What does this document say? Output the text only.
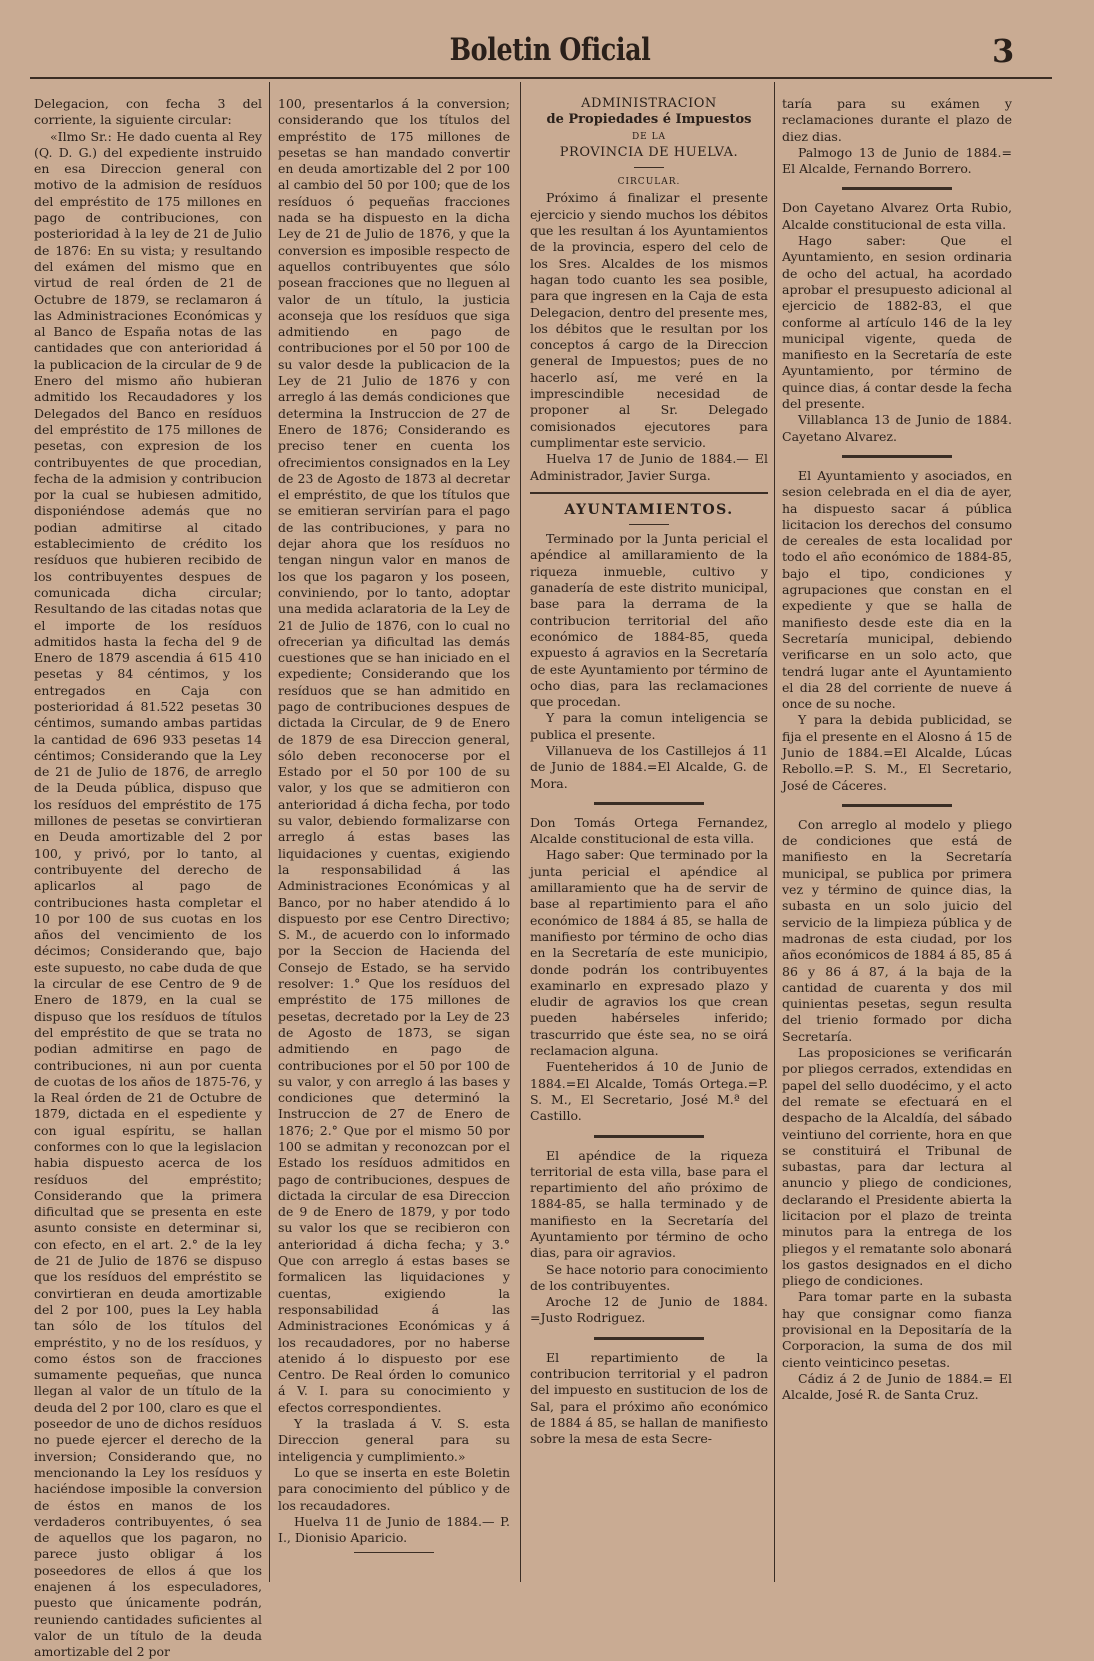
Boletin Oficial	3

Delegacion, con fecha 3 del corriente, la siguiente circular:

«Ilmo Sr.: He dado cuenta al Rey (Q. D. G.) del expediente instruido en esa Direccion general con motivo de la admision de resíduos del empréstito de 175 millones en pago de contribuciones, con posterioridad à la ley de 21 de Julio de 1876: En su vista; y resultando del exámen del mismo que en virtud de real órden de 21 de Octubre de 1879, se reclamaron á las Administraciones Económicas y al Banco de España notas de las cantidades que con anterioridad á la publicacion de la circular de 9 de Enero del mismo año hubieran admitido los Recaudadores y los Delegados del Banco en resíduos del empréstito de 175 millones de pesetas, con expresion de los contribuyentes de que procedian, fecha de la admision y contribucion por la cual se hubiesen admitido, disponiéndose además que no podian admitirse al citado establecimiento de crédito los resíduos que hubieren recibido de los contribuyentes despues de comunicada dicha circular; Resultando de las citadas notas que el importe de los resíduos admitidos hasta la fecha del 9 de Enero de 1879 ascendia á 615 410 pesetas y 84 céntimos, y los entregados en Caja con posterioridad á 81.522 pesetas 30 céntimos, sumando ambas partidas la cantidad de 696 933 pesetas 14 céntimos; Considerando que la Ley de 21 de Julio de 1876, de arreglo de la Deuda pública, dispuso que los resíduos del empréstito de 175 millones de pesetas se convirtieran en Deuda amortizable del 2 por 100, y privó, por lo tanto, al contribuyente del derecho de aplicarlos al pago de contribuciones hasta completar el 10 por 100 de sus cuotas en los años del vencimiento de los décimos; Considerando que, bajo este supuesto, no cabe duda de que la circular de ese Centro de 9 de Enero de 1879, en la cual se dispuso que los resíduos de títulos del empréstito de que se trata no podian admitirse en pago de contribuciones, ni aun por cuenta de cuotas de los años de 1875-76, y la Real órden de 21 de Octubre de 1879, dictada en el espediente y con igual espíritu, se hallan conformes con lo que la legislacion habia dispuesto acerca de los resíduos del empréstito; Considerando que la primera dificultad que se presenta en este asunto consiste en determinar si, con efecto, en el art. 2.° de la ley de 21 de Julio de 1876 se dispuso que los resíduos del empréstito se convirtieran en deuda amortizable del 2 por 100, pues la Ley habla tan sólo de los títulos del empréstito, y no de los resíduos, y como éstos son de fracciones sumamente pequeñas, que nunca llegan al valor de un título de la deuda del 2 por 100, claro es que el poseedor de uno de dichos resíduos no puede ejercer el derecho de la inversion; Considerando que, no mencionando la Ley los resíduos y haciéndose imposible la conversion de éstos en manos de los verdaderos contribuyentes, ó sea de aquellos que los pagaron, no parece justo obligar á los poseedores de ellos á que los enajenen á los especuladores, puesto que únicamente podrán, reuniendo cantidades suficientes al valor de un título de la deuda amortizable del 2 por

100, presentarlos á la conversion; considerando que los títulos del empréstito de 175 millones de pesetas se han mandado convertir en deuda amortizable del 2 por 100 al cambio del 50 por 100; que de los resíduos ó pequeñas fracciones nada se ha dispuesto en la dicha Ley de 21 de Julio de 1876, y que la conversion es imposible respecto de aquellos contribuyentes que sólo posean fracciones que no lleguen al valor de un título, la justicia aconseja que los resíduos que siga admitiendo en pago de contribuciones por el 50 por 100 de su valor desde la publicacion de la Ley de 21 Julio de 1876 y con arreglo á las demás condiciones que determina la Instruccion de 27 de Enero de 1876; Considerando es preciso tener en cuenta los ofrecimientos consignados en la Ley de 23 de Agosto de 1873 al decretar el empréstito, de que los títulos que se emitieran servirían para el pago de las contribuciones, y para no dejar ahora que los resíduos no tengan ningun valor en manos de los que los pagaron y los poseen, conviniendo, por lo tanto, adoptar una medida aclaratoria de la Ley de 21 de Julio de 1876, con lo cual no ofrecerian ya dificultad las demás cuestiones que se han iniciado en el expediente; Considerando que los resíduos que se han admitido en pago de contribuciones despues de dictada la Circular, de 9 de Enero de 1879 de esa Direccion general, sólo deben reconocerse por el Estado por el 50 por 100 de su valor, y los que se admitieron con anterioridad á dicha fecha, por todo su valor, debiendo formalizarse con arreglo á estas bases las liquidaciones y cuentas, exigiendo la responsabilidad á las Administraciones Económicas y al Banco, por no haber atendido á lo dispuesto por ese Centro Directivo; S. M., de acuerdo con lo informado por la Seccion de Hacienda del Consejo de Estado, se ha servido resolver: 1.° Que los resíduos del empréstito de 175 millones de pesetas, decretado por la Ley de 23 de Agosto de 1873, se sigan admitiendo en pago de contribuciones por el 50 por 100 de su valor, y con arreglo á las bases y condiciones que determinó la Instruccion de 27 de Enero de 1876; 2.° Que por el mismo 50 por 100 se admitan y reconozcan por el Estado los resíduos admitidos en pago de contribuciones, despues de dictada la circular de esa Direccion de 9 de Enero de 1879, y por todo su valor los que se recibieron con anterioridad á dicha fecha; y 3.° Que con arreglo á estas bases se formalicen las liquidaciones y cuentas, exigiendo la responsabilidad á las Administraciones Económicas y á los recaudadores, por no haberse atenido á lo dispuesto por ese Centro. De Real órden lo comunico á V. I. para su conocimiento y efectos correspondientes.

Y la traslada á V. S. esta Direccion general para su inteligencia y cumplimiento.»

Lo que se inserta en este Boletin para conocimiento del público y de los recaudadores.

Huelva 11 de Junio de 1884.— P. I., Dionisio Aparicio.

ADMINISTRACION

de Propiedades é Impuestos

DE LA

PROVINCIA DE HUELVA.

CIRCULAR.

Próximo á finalizar el presente ejercicio y siendo muchos los débitos que les resultan á los Ayuntamientos de la provincia, espero del celo de los Sres. Alcaldes de los mismos hagan todo cuanto les sea posible, para que ingresen en la Caja de esta Delegacion, dentro del presente mes, los débitos que le resultan por los conceptos á cargo de la Direccion general de Impuestos; pues de no hacerlo así, me veré en la imprescindible necesidad de proponer al Sr. Delegado comisionados ejecutores para cumplimentar este servicio.

Huelva 17 de Junio de 1884.— El Administrador, Javier Surga.

AYUNTAMIENTOS.

Terminado por la Junta pericial el apéndice al amillaramiento de la riqueza inmueble, cultivo y ganadería de este distrito municipal, base para la derrama de la contribucion territorial del año económico de 1884-85, queda expuesto á agravios en la Secretaría de este Ayuntamiento por término de ocho dias, para las reclamaciones que procedan.

Y para la comun inteligencia se publica el presente.

Villanueva de los Castillejos á 11 de Junio de 1884.=El Alcalde, G. de Mora.

Don Tomás Ortega Fernandez, Alcalde constitucional de esta villa.

Hago saber: Que terminado por la junta pericial el apéndice al amillaramiento que ha de servir de base al repartimiento para el año económico de 1884 á 85, se halla de manifiesto por término de ocho dias en la Secretaría de este municipio, donde podrán los contribuyentes examinarlo en expresado plazo y eludir de agravios los que crean pueden habérseles inferido; trascurrido que éste sea, no se oirá reclamacion alguna.

Fuenteheridos á 10 de Junio de 1884.=El Alcalde, Tomás Ortega.=P. S. M., El Secretario, José M.ª del Castillo.

El apéndice de la riqueza territorial de esta villa, base para el repartimiento del año próximo de 1884-85, se halla terminado y de manifiesto en la Secretaría del Ayuntamiento por término de ocho dias, para oir agravios.

Se hace notorio para conocimiento de los contribuyentes.

Aroche 12 de Junio de 1884. =Justo Rodriguez.

El repartimiento de la contribucion territorial y el padron del impuesto en sustitucion de los de Sal, para el próximo año económico de 1884 á 85, se hallan de manifiesto sobre la mesa de esta Secre-

taría para su exámen y reclamaciones durante el plazo de diez dias.

Palmogo 13 de Junio de 1884.= El Alcalde, Fernando Borrero.

Don Cayetano Alvarez Orta Rubio, Alcalde constitucional de esta villa.

Hago saber: Que el Ayuntamiento, en sesion ordinaria de ocho del actual, ha acordado aprobar el presupuesto adicional al ejercicio de 1882-83, el que conforme al artículo 146 de la ley municipal vigente, queda de manifiesto en la Secretaría de este Ayuntamiento, por término de quince dias, á contar desde la fecha del presente.

Villablanca 13 de Junio de 1884. Cayetano Alvarez.

El Ayuntamiento y asociados, en sesion celebrada en el dia de ayer, ha dispuesto sacar á pública licitacion los derechos del consumo de cereales de esta localidad por todo el año económico de 1884-85, bajo el tipo, condiciones y agrupaciones que constan en el expediente y que se halla de manifiesto desde este dia en la Secretaría municipal, debiendo verificarse en un solo acto, que tendrá lugar ante el Ayuntamiento el dia 28 del corriente de nueve á once de su noche.

Y para la debida publicidad, se fija el presente en el Alosno á 15 de Junio de 1884.=El Alcalde, Lúcas Rebollo.=P. S. M., El Secretario, José de Cáceres.

Con arreglo al modelo y pliego de condiciones que está de manifiesto en la Secretaría municipal, se publica por primera vez y término de quince dias, la subasta en un solo juicio del servicio de la limpieza pública y de madronas de esta ciudad, por los años económicos de 1884 á 85, 85 á 86 y 86 á 87, á la baja de la cantidad de cuarenta y dos mil quinientas pesetas, segun resulta del trienio formado por dicha Secretaría.

Las proposiciones se verificarán por pliegos cerrados, extendidas en papel del sello duodécimo, y el acto del remate se efectuará en el despacho de la Alcaldía, del sábado veintiuno del corriente, hora en que se constituirá el Tribunal de subastas, para dar lectura al anuncio y pliego de condiciones, declarando el Presidente abierta la licitacion por el plazo de treinta minutos para la entrega de los pliegos y el rematante solo abonará los gastos designados en el dicho pliego de condiciones.

Para tomar parte en la subasta hay que consignar como fianza provisional en la Depositaría de la Corporacion, la suma de dos mil ciento veinticinco pesetas.

Cádiz á 2 de Junio de 1884.= El Alcalde, José R. de Santa Cruz.
